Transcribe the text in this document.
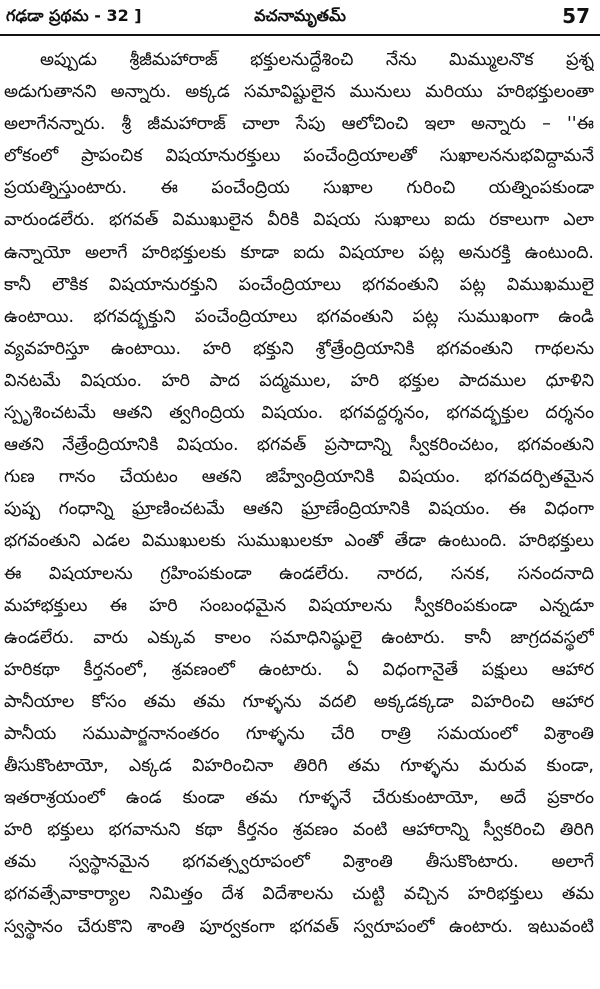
గఢడా ప్రథమ - 32 ]	వచనామృతమ్	57
అప్పుడు శ్రీజీమహారాజ్ భక్తులనుద్దేశించి నేను మిమ్ములనొక ప్రశ్న
అడుగుతానని అన్నారు. అక్కడ సమావిష్టులైన మునులు మరియు హరిభక్తులంతా
అలాగేనన్నారు. శ్రీ జీమహారాజ్ చాలా సేపు ఆలోచించి ఇలా అన్నారు – ''ఈ
లోకంలో ప్రాపంచిక విషయానురక్తులు పంచేంద్రియాలతో సుఖాలననుభవిద్దామనే
ప్రయత్నిస్తుంటారు. ఈ పంచేంద్రియ సుఖాల గురించి యత్నింపకుండా
వారుండలేరు. భగవత్ విముఖులైన వీరికి విషయ సుఖాలు ఐదు రకాలుగా ఎలా
ఉన్నాయో అలాగే హరిభక్తులకు కూడా ఐదు విషయాల పట్ల అనురక్తి ఉంటుంది.
కానీ లౌకిక విషయానురక్తుని పంచేంద్రియాలు భగవంతుని పట్ల విముఖములై
ఉంటాయి. భగవద్భక్తుని పంచేంద్రియాలు భగవంతుని పట్ల సుముఖంగా ఉండి
వ్యవహరిస్తూ ఉంటాయి. హరి భక్తుని శ్రోత్రేంద్రియానికి భగవంతుని గాథలను
వినటమే విషయం. హరి పాద పద్మముల, హరి భక్తుల పాదముల ధూళిని
స్పృశించటమే ఆతని త్వగింద్రియ విషయం. భగవద్దర్శనం, భగవద్భక్తుల దర్శనం
ఆతని నేత్రేంద్రియానికి విషయం. భగవత్ ప్రసాదాన్ని స్వీకరించటం, భగవంతుని
గుణ గానం చేయటం ఆతని జిహ్వేంద్రియానికి విషయం. భగవదర్పితమైన
పుష్ప గంధాన్ని ఘ్రాణించటమే ఆతని ఘ్రాణేంద్రియానికి విషయం. ఈ విధంగా
భగవంతుని ఎడల విముఖులకు సుముఖులకూ ఎంతో తేడా ఉంటుంది. హరిభక్తులు
ఈ విషయాలను గ్రహింపకుండా ఉండలేరు. నారద, సనక, సనందనాది
మహాభక్తులు ఈ హరి సంబంధమైన విషయాలను స్వీకరింపకుండా ఎన్నడూ
ఉండలేరు. వారు ఎక్కువ కాలం సమాధినిష్ఠులై ఉంటారు. కానీ జాగ్రదవస్థలో
హరికథా కీర్తనంలో, శ్రవణంలో ఉంటారు. ఏ విధంగానైతే పక్షులు ఆహార
పానీయాల కోసం తమ తమ గూళ్ళను వదలి అక్కడక్కడా విహరించి ఆహార
పానీయ సముపార్జనానంతరం గూళ్ళను చేరి రాత్రి సమయంలో విశ్రాంతి
తీసుకొంటాయో, ఎక్కడ విహరించినా తిరిగి తమ గూళ్ళను మరువ కుండా,
ఇతరాశ్రయంలో ఉండ కుండా తమ గూళ్ళనే చేరుకుంటాయో, అదే ప్రకారం
హరి భక్తులు భగవానుని కథా కీర్తనం శ్రవణం వంటి ఆహారాన్ని స్వీకరించి తిరిగి
తమ స్వస్థానమైన భగవత్స్వరూపంలో విశ్రాంతి తీసుకొంటారు. అలాగే
భగవత్సేవాకార్యాల నిమిత్తం దేశ విదేశాలను చుట్టి వచ్చిన హరిభక్తులు తమ
స్వస్థానం చేరుకొని శాంతి పూర్వకంగా భగవత్ స్వరూపంలో ఉంటారు. ఇటువంటి
